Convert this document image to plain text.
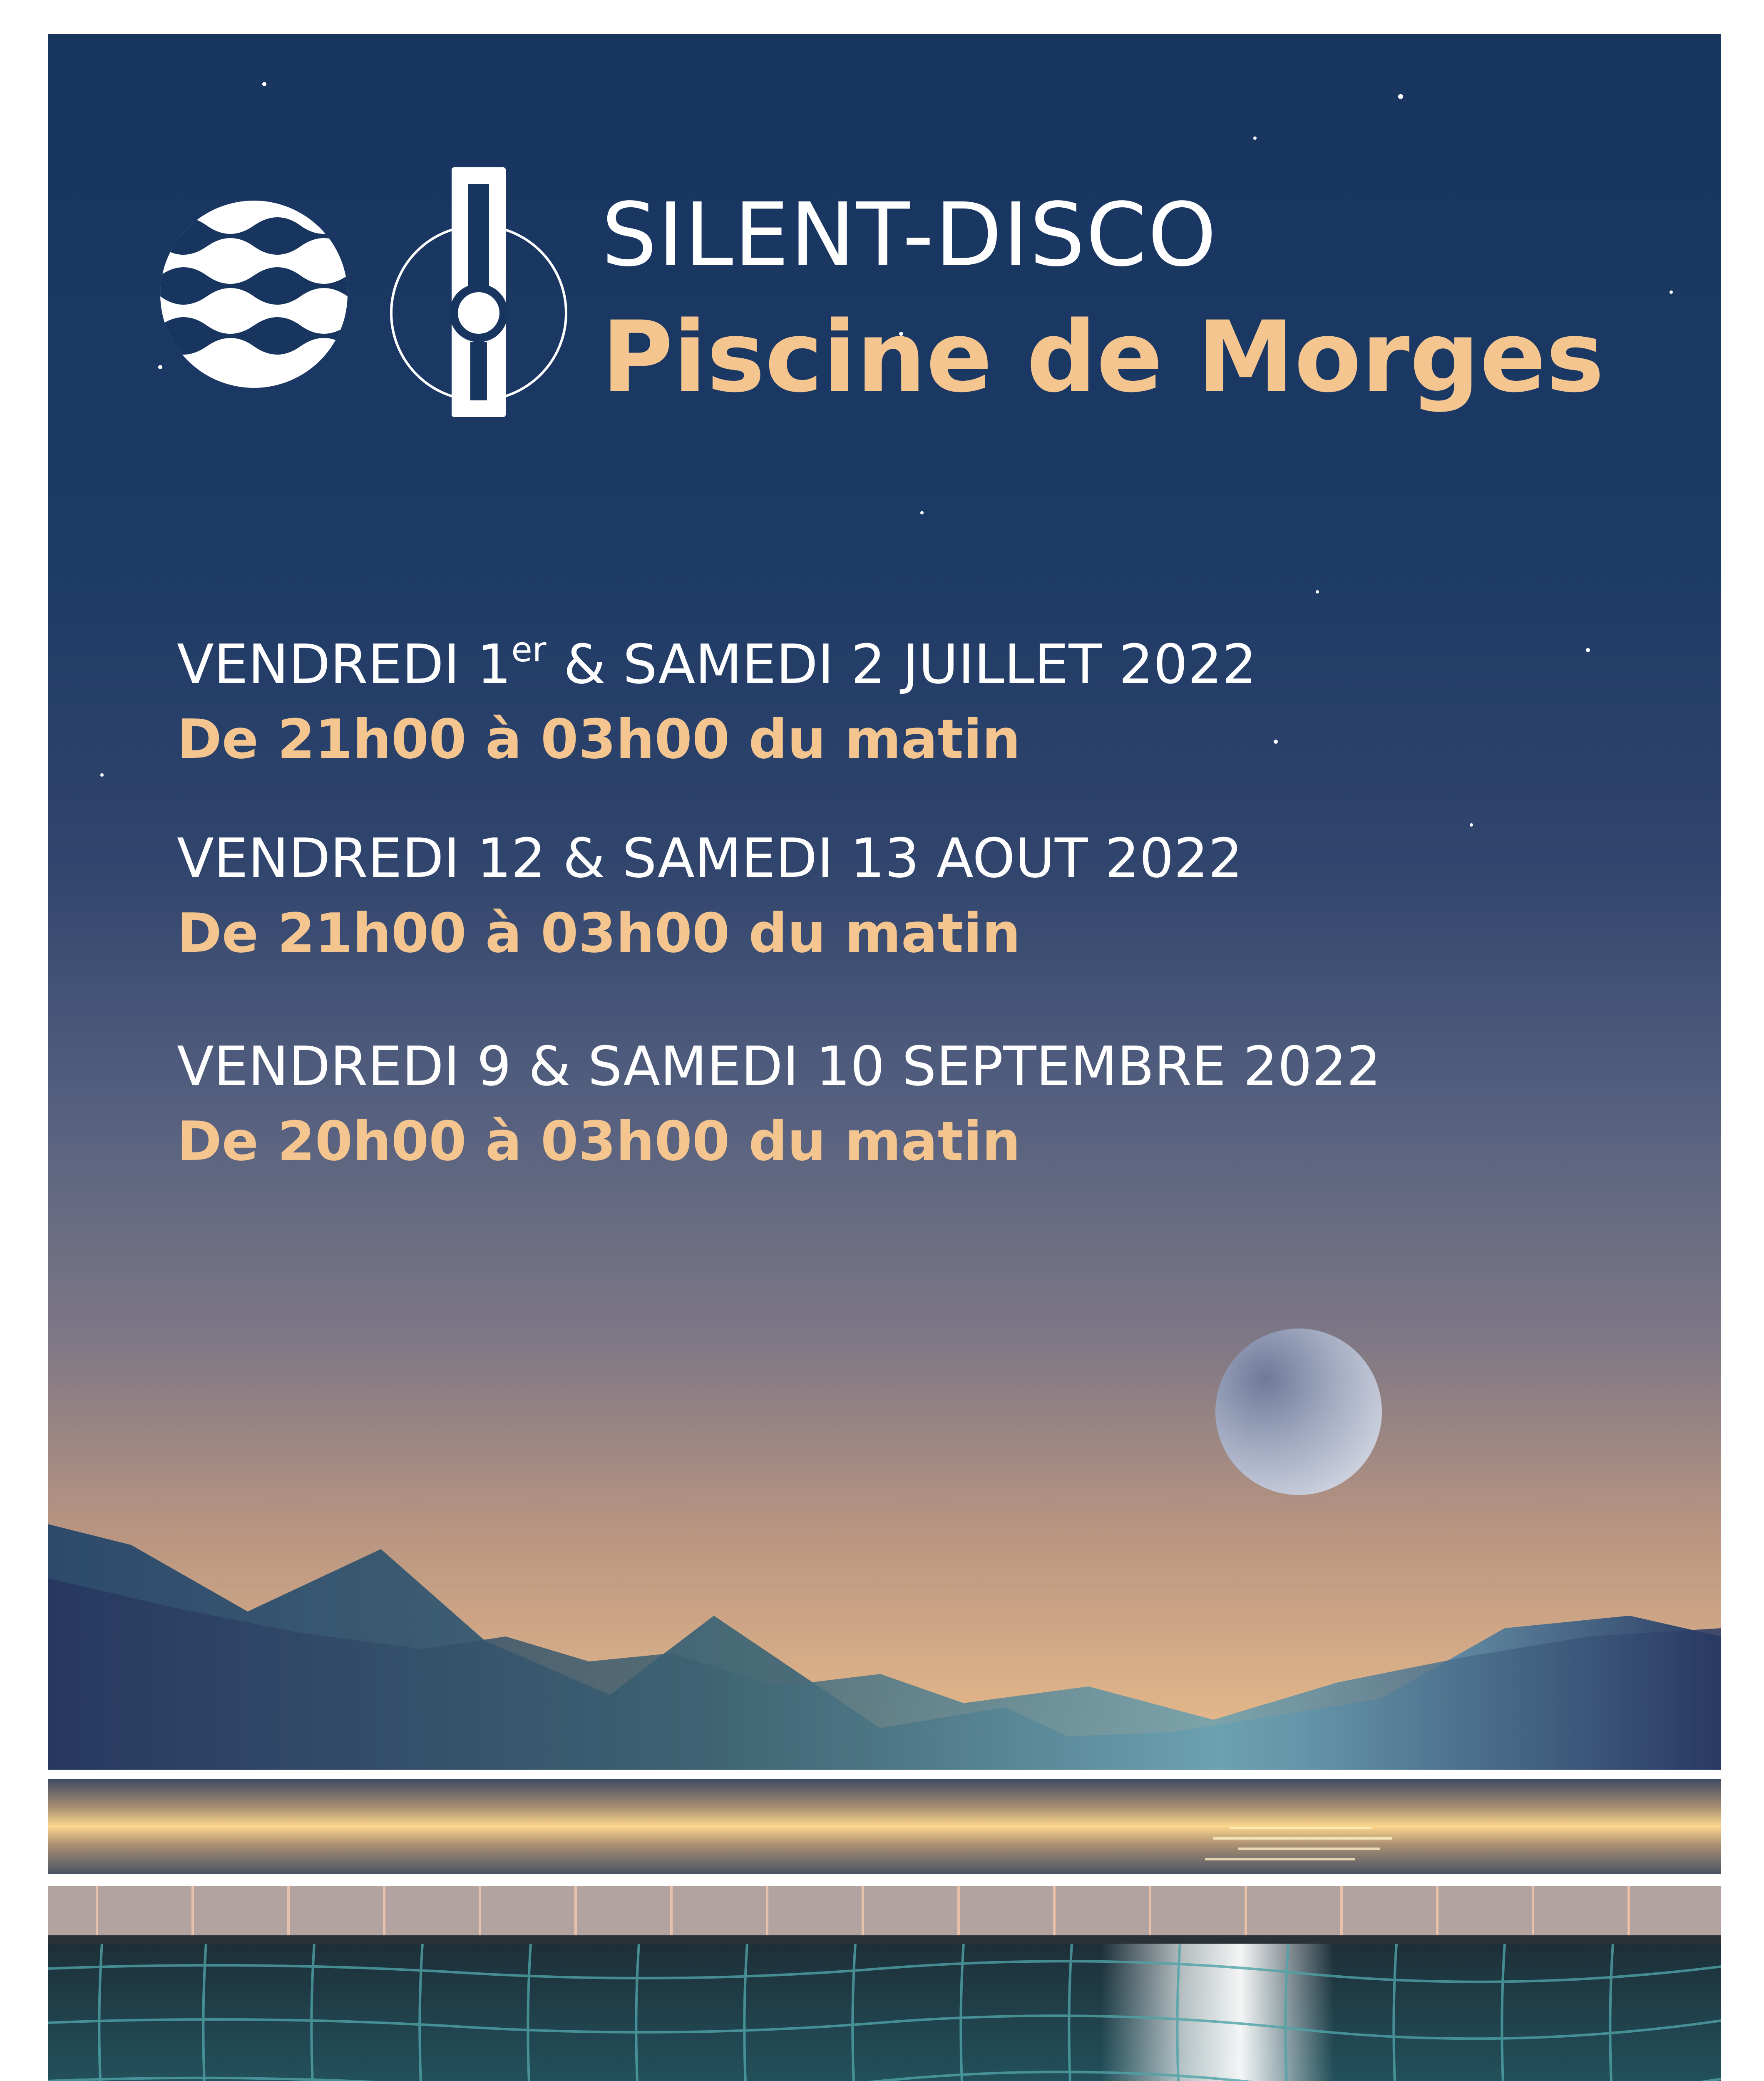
SILENT-DISCO
Piscine de Morges
VENDREDI 1er & SAMEDI 2 JUILLET 2022
De 21h00 à 03h00 du matin
VENDREDI 12 & SAMEDI 13 AOUT 2022
De 21h00 à 03h00 du matin
VENDREDI 9 & SAMEDI 10 SEPTEMBRE 2022
De 20h00 à 03h00 du matin
